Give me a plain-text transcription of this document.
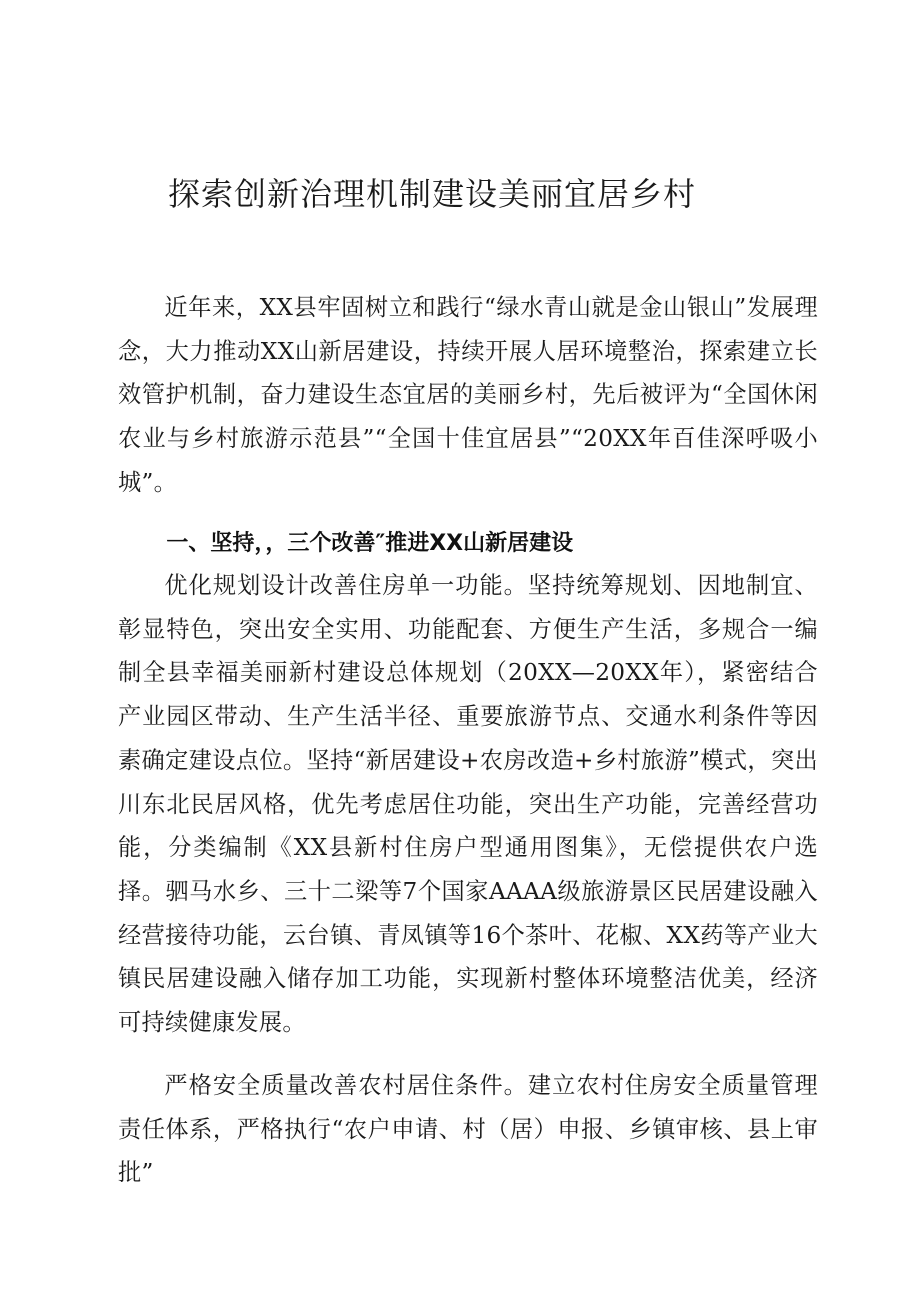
探索创新治理机制建设美丽宜居乡村

近年来，XX县牢固树立和践行“绿水青山就是金山银山”发展理念，大力推动XX山新居建设，持续开展人居环境整治，探索建立长效管护机制，奋力建设生态宜居的美丽乡村，先后被评为“全国休闲农业与乡村旅游示范县”“全国十佳宜居县”“20XX年百佳深呼吸小城”。

一、坚持，，三个改善″推进XX山新居建设

优化规划设计改善住房单一功能。坚持统筹规划、因地制宜、彰显特色，突出安全实用、功能配套、方便生产生活，多规合一编制全县幸福美丽新村建设总体规划（20XX—20XX年），紧密结合产业园区带动、生产生活半径、重要旅游节点、交通水利条件等因素确定建设点位。坚持“新居建设+农房改造+乡村旅游”模式，突出川东北民居风格，优先考虑居住功能，突出生产功能，完善经营功能，分类编制《XX县新村住房户型通用图集》，无偿提供农户选择。驷马水乡、三十二梁等7个国家AAAA级旅游景区民居建设融入经营接待功能，云台镇、青凤镇等16个茶叶、花椒、XX药等产业大镇民居建设融入储存加工功能，实现新村整体环境整洁优美，经济可持续健康发展。

严格安全质量改善农村居住条件。建立农村住房安全质量管理责任体系，严格执行“农户申请、村（居）申报、乡镇审核、县上审批”
